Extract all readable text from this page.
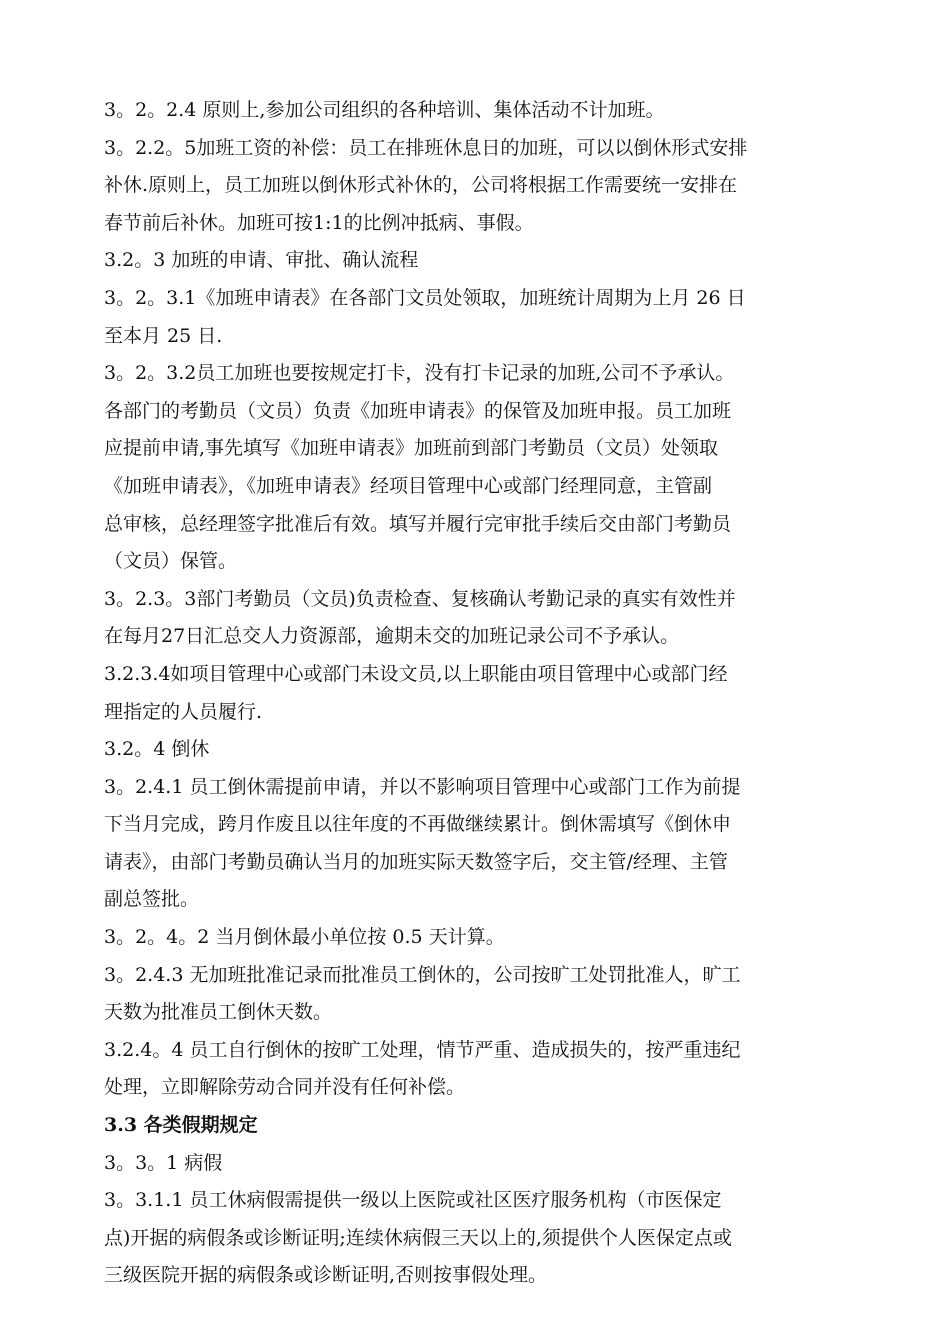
3。2。2.4 原则上,参加公司组织的各种培训、集体活动不计加班。
3。2.2。5加班工资的补偿：员工在排班休息日的加班，可以以倒休形式安排
补休.原则上，员工加班以倒休形式补休的，公司将根据工作需要统一安排在
春节前后补休。加班可按1:1的比例冲抵病、事假。
3.2。3 加班的申请、审批、确认流程
3。2。3.1《加班申请表》在各部门文员处领取，加班统计周期为上月 26 日
至本月 25 日.
3。2。3.2员工加班也要按规定打卡，没有打卡记录的加班,公司不予承认。
各部门的考勤员（文员）负责《加班申请表》的保管及加班申报。员工加班
应提前申请,事先填写《加班申请表》加班前到部门考勤员（文员）处领取
《加班申请表》，《加班申请表》经项目管理中心或部门经理同意，主管副
总审核，总经理签字批准后有效。填写并履行完审批手续后交由部门考勤员
（文员）保管。
3。2.3。3部门考勤员（文员)负责检查、复核确认考勤记录的真实有效性并
在每月27日汇总交人力资源部，逾期未交的加班记录公司不予承认。
3.2.3.4如项目管理中心或部门未设文员,以上职能由项目管理中心或部门经
理指定的人员履行.
3.2。4 倒休
3。2.4.1 员工倒休需提前申请，并以不影响项目管理中心或部门工作为前提
下当月完成，跨月作废且以往年度的不再做继续累计。倒休需填写《倒休申
请表》，由部门考勤员确认当月的加班实际天数签字后，交主管/经理、主管
副总签批。
3。2。4。2 当月倒休最小单位按 0.5 天计算。
3。2.4.3 无加班批准记录而批准员工倒休的，公司按旷工处罚批准人，旷工
天数为批准员工倒休天数。
3.2.4。4 员工自行倒休的按旷工处理，情节严重、造成损失的，按严重违纪
处理，立即解除劳动合同并没有任何补偿。
3.3 各类假期规定
3。3。1 病假
3。3.1.1 员工休病假需提供一级以上医院或社区医疗服务机构（市医保定
点)开据的病假条或诊断证明;连续休病假三天以上的,须提供个人医保定点或
三级医院开据的病假条或诊断证明,否则按事假处理。
